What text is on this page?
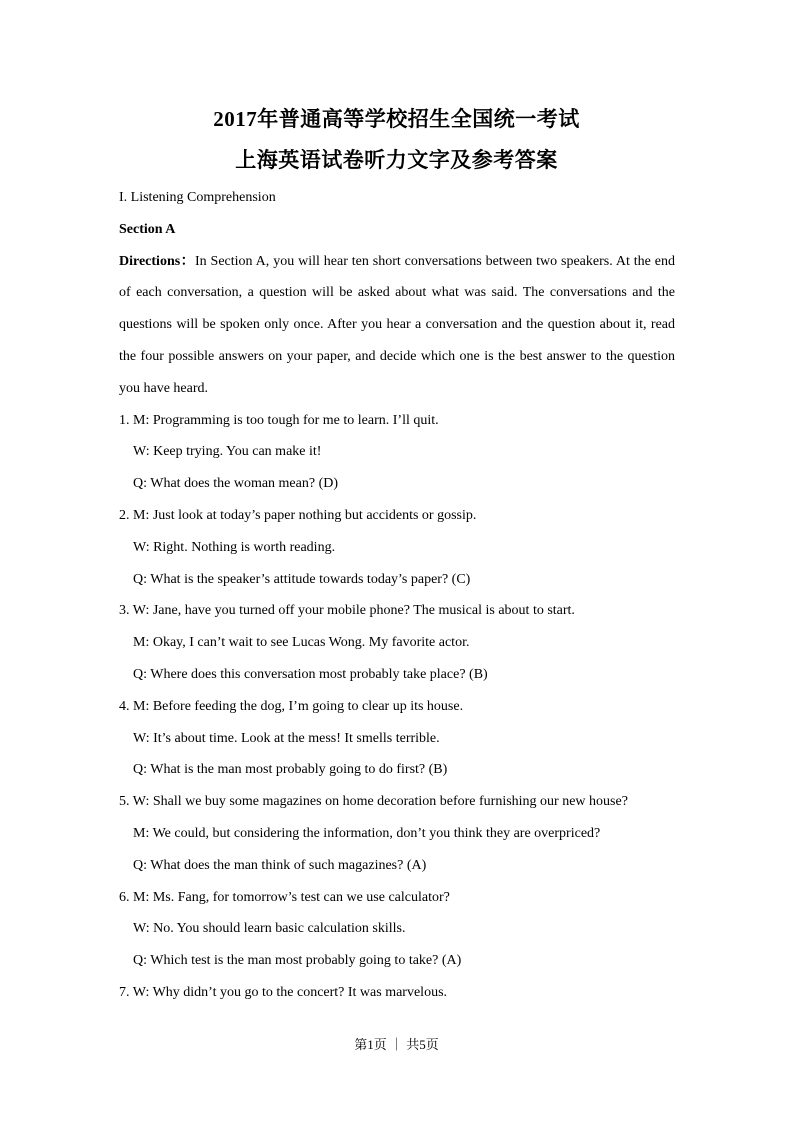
2017年普通高等学校招生全国统一考试
上海英语试卷听力文字及参考答案
I. Listening Comprehension
Section A
Directions：In Section A, you will hear ten short conversations between two speakers. At the end of each conversation, a question will be asked about what was said. The conversations and the questions will be spoken only once. After you hear a conversation and the question about it, read the four possible answers on your paper, and decide which one is the best answer to the question you have heard.
1. M: Programming is too tough for me to learn. I’ll quit.
W: Keep trying. You can make it!
Q: What does the woman mean? (D)
2. M: Just look at today’s paper nothing but accidents or gossip.
W: Right. Nothing is worth reading.
Q: What is the speaker’s attitude towards today’s paper? (C)
3. W: Jane, have you turned off your mobile phone? The musical is about to start.
M: Okay, I can’t wait to see Lucas Wong. My favorite actor.
Q: Where does this conversation most probably take place? (B)
4. M: Before feeding the dog, I’m going to clear up its house.
W: It’s about time. Look at the mess! It smells terrible.
Q: What is the man most probably going to do first? (B)
5. W: Shall we buy some magazines on home decoration before furnishing our new house?
M: We could, but considering the information, don’t you think they are overpriced?
Q: What does the man think of such magazines? (A)
6. M: Ms. Fang, for tomorrow’s test can we use calculator?
W: No. You should learn basic calculation skills.
Q: Which test is the man most probably going to take? (A)
7. W: Why didn’t you go to the concert? It was marvelous.
第1页 ｜ 共5页
